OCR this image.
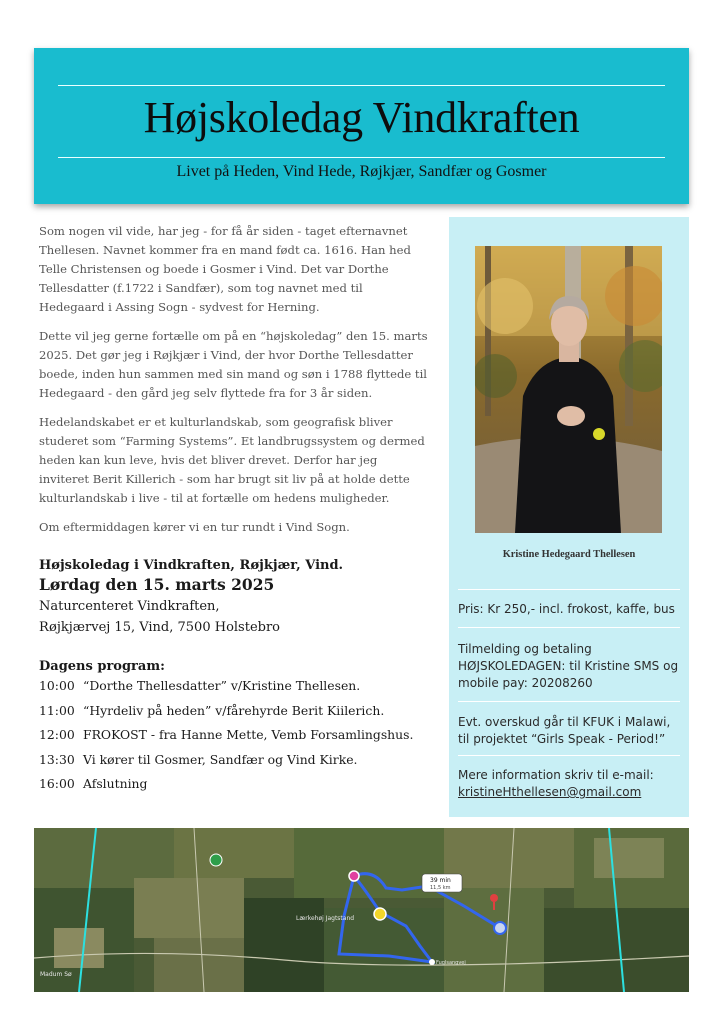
Højskoledag Vindkraften
Livet på Heden, Vind Hede, Røjkjær, Sandfær og Gosmer

Som nogen vil vide, har jeg - for få år siden - taget efternavnet Thellesen. Navnet kommer fra en mand født ca. 1616. Han hed Telle Christensen og boede i Gosmer i Vind. Det var Dorthe Tellesdatter (f.1722 i Sandfær), som tog navnet med til Hedegaard i Assing Sogn - sydvest for Herning.

Dette vil jeg gerne fortælle om på en “højskoledag” den 15. marts 2025. Det gør jeg i Røjkjær i Vind, der hvor Dorthe Tellesdatter boede, inden hun sammen med sin mand og søn i 1788 flyttede til Hedegaard - den gård jeg selv flyttede fra for 3 år siden.

Hedelandskabet er et kulturlandskab, som geografisk bliver studeret som “Farming Systems”. Et landbrugssystem og dermed heden kan kun leve, hvis det bliver drevet. Derfor har jeg inviteret Berit Killerich - som har brugt sit liv på at holde dette kulturlandskab i live - til at fortælle om hedens muligheder.

Om eftermiddagen kører vi en tur rundt i Vind Sogn.

Højskoledag i Vindkraften, Røjkjær, Vind.
Lørdag den 15. marts 2025
Naturcenteret Vindkraften,
Røjkjærvej 15, Vind, 7500 Holstebro
Dagens program:
10:00 “Dorthe Thellesdatter” v/Kristine Thellesen.
11:00 “Hyrdeliv på heden” v/fårehyrde Berit Kiilerich.
12:00 FROKOST - fra Hanne Mette, Vemb Forsamlingshus.
13:30 Vi kører til Gosmer, Sandfær og Vind Kirke.
16:00 Afslutning
Kristine Hedegaard Thellesen
Pris: Kr 250,- incl. frokost, kaffe, bus
Tilmelding og betaling HØJSKOLEDAGEN: til Kristine SMS og mobile pay: 20208260
Evt. overskud går til KFUK i Malawi, til projektet “Girls Speak - Period!”
Mere information skriv til e-mail:
kristineHthellesen@gmail.com
39 min
11,5 km
Lærkehøj Jagtstand
Fuglsangvej
Madum Sø
